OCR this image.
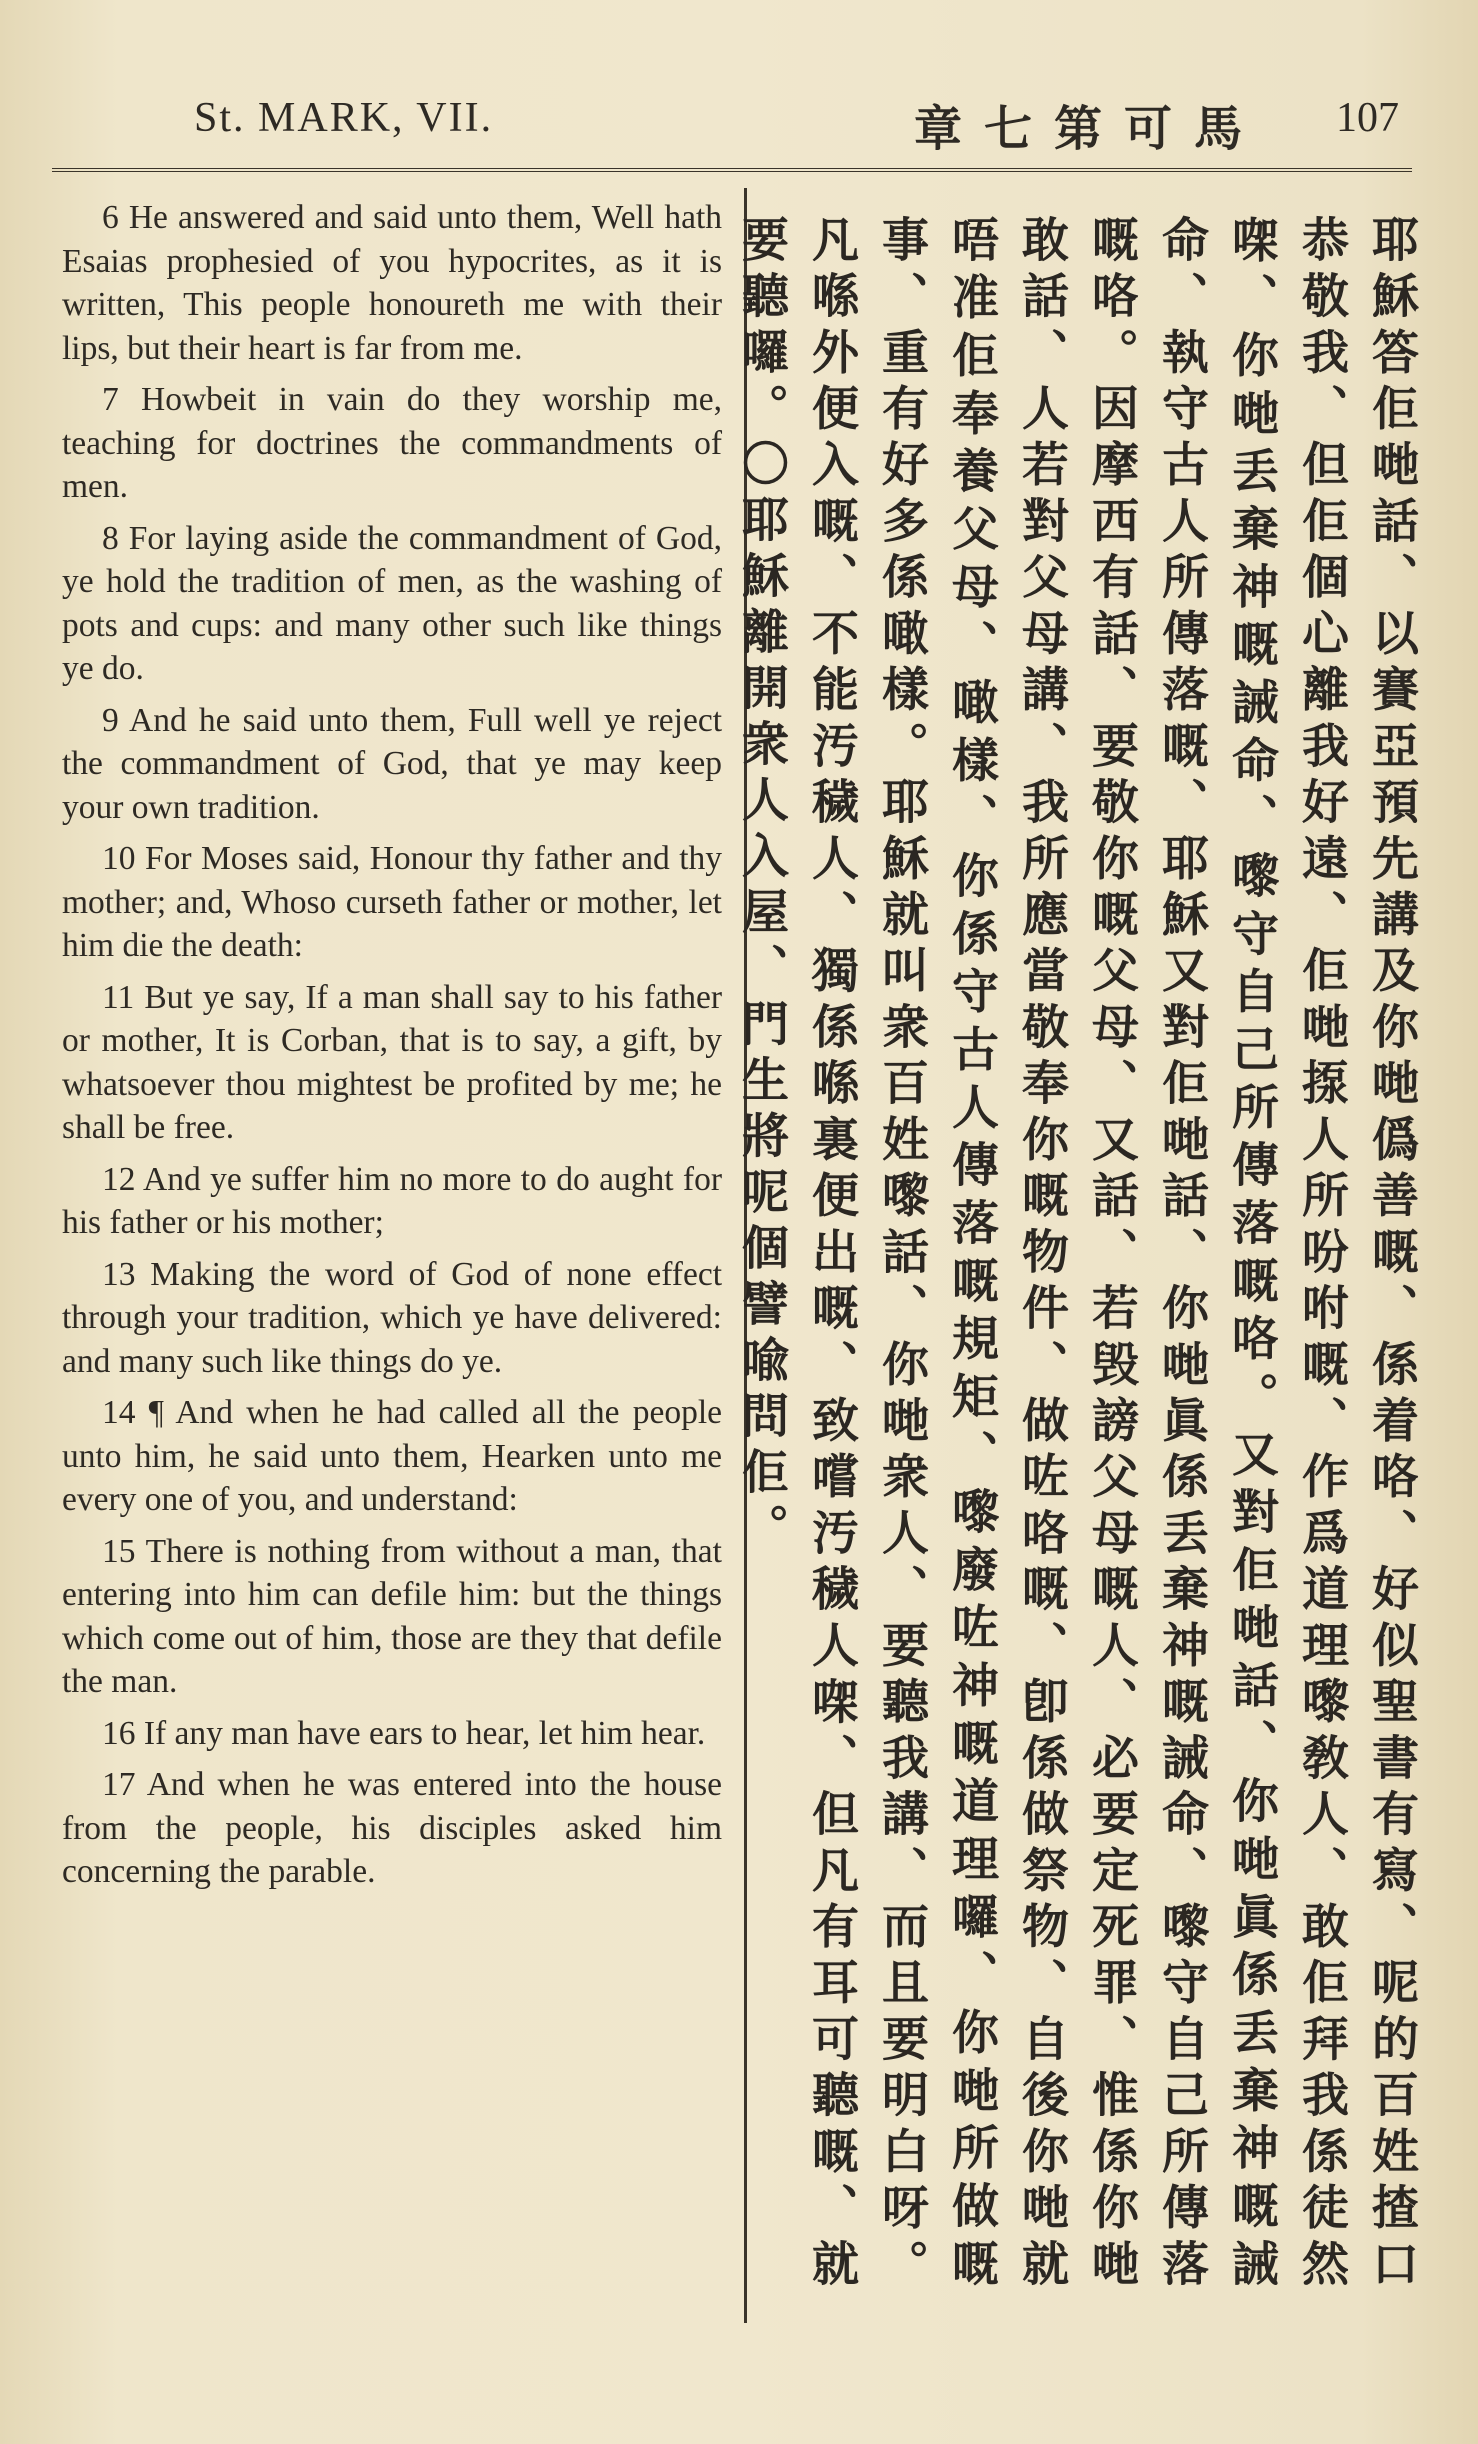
St. MARK, VII.	章七第可馬 107

6 He answered and said unto them, Well hath Esaias prophesied of you hypocrites, as it is written, This people honoureth me with their lips, but their heart is far from me.

7 Howbeit in vain do they worship me, teaching for doctrines the commandments of men.

8 For laying aside the commandment of God, ye hold the tradition of men, as the washing of pots and cups: and many other such like things ye do.

9 And he said unto them, Full well ye reject the commandment of God, that ye may keep your own tradition.

10 For Moses said, Honour thy father and thy mother; and, Whoso curseth father or mother, let him die the death:

11 But ye say, If a man shall say to his father or mother, It is Corban, that is to say, a gift, by whatsoever thou mightest be profited by me; he shall be free.

12 And ye suffer him no more to do aught for his father or his mother;

13 Making the word of God of none effect through your tradition, which ye have delivered: and many such like things do ye.

14 ¶ And when he had called all the people unto him, he said unto them, Hearken unto me every one of you, and understand:

15 There is nothing from without a man, that entering into him can defile him: but the things which come out of him, those are they that defile the man.

16 If any man have ears to hear, let him hear.

17 And when he was entered into the house from the people, his disciples asked him concerning the parable.	耶穌答佢哋話、以賽亞預先講及你哋僞善嘅、係着咯、好似聖書有寫、呢的百姓揸口恭敬我、但佢個心離我好遠、佢哋揼人所吩咐嘅、作爲道理嚟敎人、敢佢拜我係徒然㗎、你哋丢棄神嘅誡命、嚟守自己所傳落嘅咯。又對佢哋話、你哋眞係丢棄神嘅誡命、執守古人所傳落嘅、耶穌又對佢哋話、你哋眞係丢棄神嘅誡命、嚟守自己所傳落嘅咯。因摩西有話、要敬你嘅父母、又話、若毁謗父母嘅人、必要定死罪、惟係你哋敢話、人若對父母講、我所應當敬奉你嘅物件、做咗咯嘅、卽係做祭物、自後你哋就唔准佢奉養父母、噉樣、你係守古人傳落嘅規矩、嚟廢咗神嘅道理囉、你哋所做嘅事、重有好多係噉樣。耶穌就叫衆百姓嚟話、你哋衆人、要聽我講、而且要明白呀。凡喺外便入嘅、不能汚穢人、獨係喺裏便出嘅、致嚐汚穢人㗎、但凡有耳可聽嘅、就要聽囉。〇耶穌離開衆人入屋、門生將呢個譬喩問佢。
